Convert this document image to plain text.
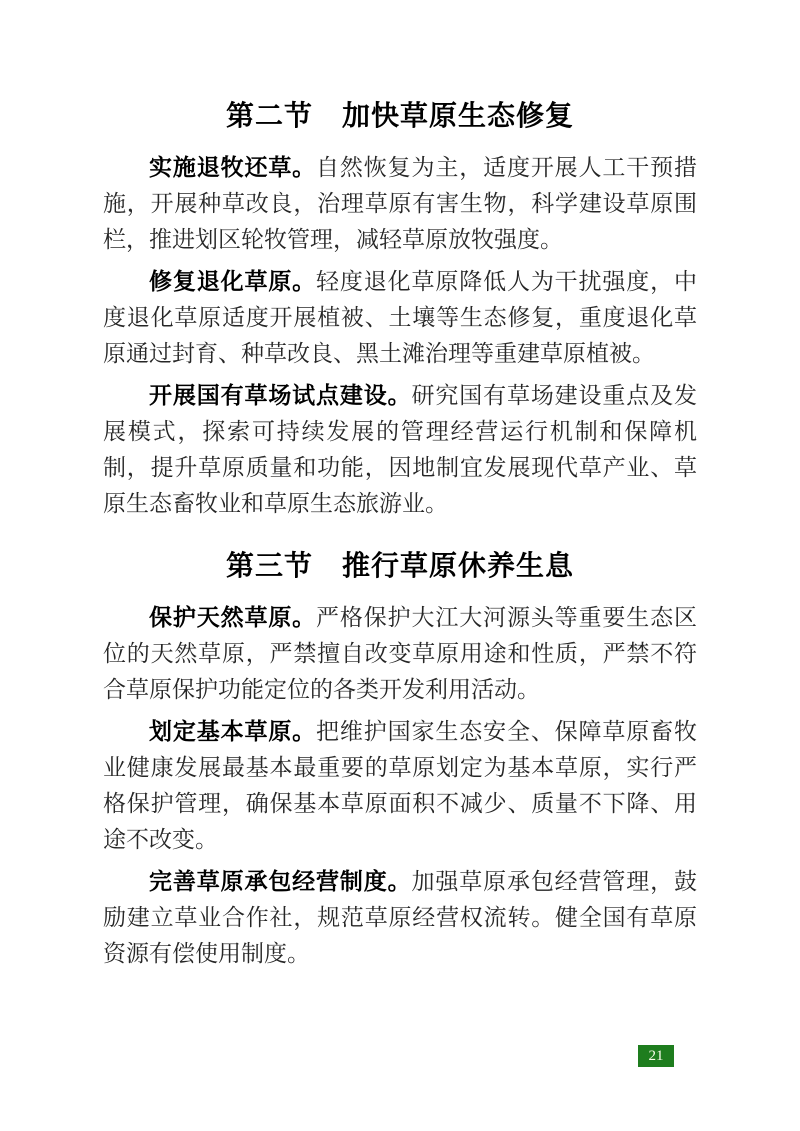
第二节　加快草原生态修复

实施退牧还草。自然恢复为主，适度开展人工干预措施，开展种草改良，治理草原有害生物，科学建设草原围栏，推进划区轮牧管理，减轻草原放牧强度。

修复退化草原。轻度退化草原降低人为干扰强度，中度退化草原适度开展植被、土壤等生态修复，重度退化草原通过封育、种草改良、黑土滩治理等重建草原植被。

开展国有草场试点建设。研究国有草场建设重点及发展模式，探索可持续发展的管理经营运行机制和保障机制，提升草原质量和功能，因地制宜发展现代草产业、草原生态畜牧业和草原生态旅游业。

第三节　推行草原休养生息

保护天然草原。严格保护大江大河源头等重要生态区位的天然草原，严禁擅自改变草原用途和性质，严禁不符合草原保护功能定位的各类开发利用活动。

划定基本草原。把维护国家生态安全、保障草原畜牧业健康发展最基本最重要的草原划定为基本草原，实行严格保护管理，确保基本草原面积不减少、质量不下降、用途不改变。

完善草原承包经营制度。加强草原承包经营管理，鼓励建立草业合作社，规范草原经营权流转。健全国有草原资源有偿使用制度。

21
